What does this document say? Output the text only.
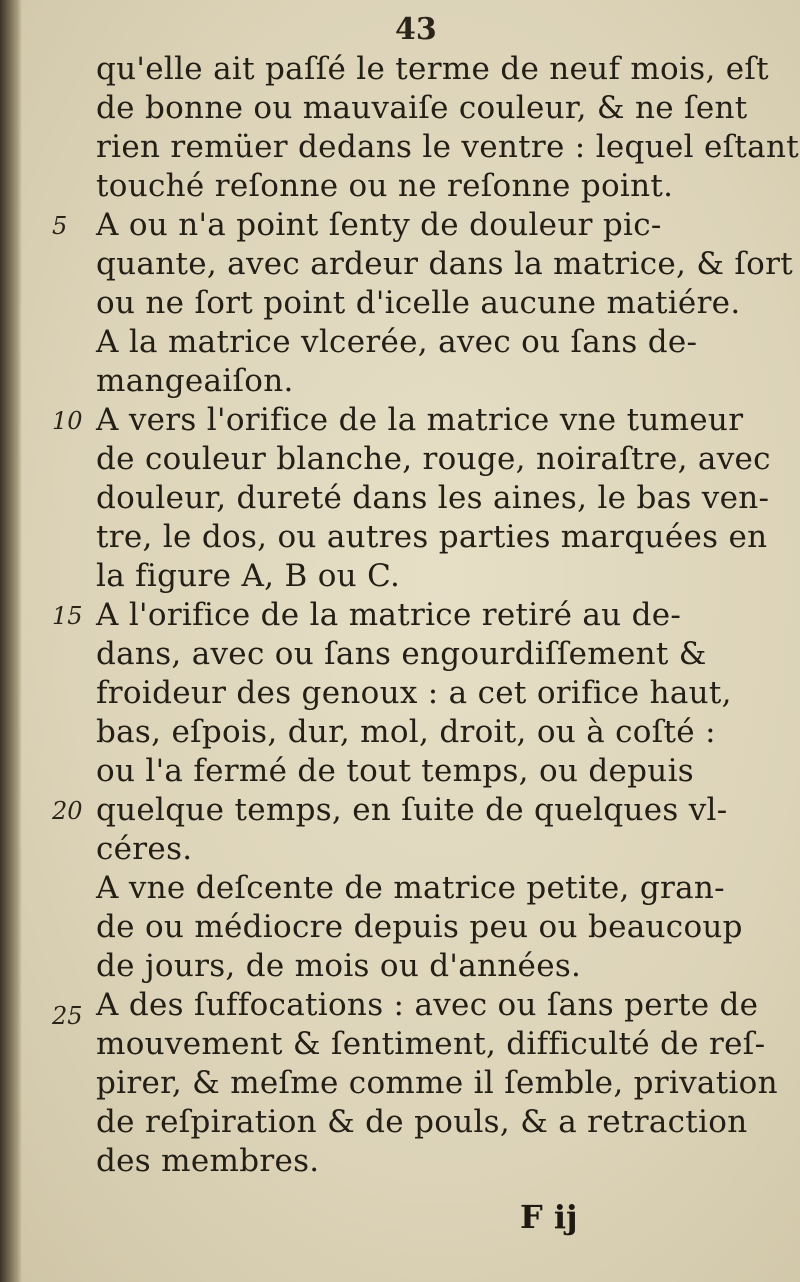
43
5
10
15
20
25
qu'elle ait paſſé le terme de neuf mois, eſt
de bonne ou mauvaiſe couleur, & ne ſent
rien remüer dedans le ventre : lequel eſtant
touché reſonne ou ne reſonne point.
A ou n'a point ſenty de douleur pic-
quante, avec ardeur dans la matrice, & ſort
ou ne ſort point d'icelle aucune matiére.
A la matrice vlcerée, avec ou ſans de-
mangeaiſon.
A vers l'orifice de la matrice vne tumeur
de couleur blanche, rouge, noiraſtre, avec
douleur, dureté dans les aines, le bas ven-
tre, le dos, ou autres parties marquées en
la figure A, B ou C.
A l'orifice de la matrice retiré au de-
dans, avec ou ſans engourdiſſement &
froideur des genoux : a cet orifice haut,
bas, eſpois, dur, mol, droit, ou à coſté :
ou l'a fermé de tout temps, ou depuis
quelque temps, en ſuite de quelques vl-
céres.
A vne deſcente de matrice petite, gran-
de ou médiocre depuis peu ou beaucoup
de jours, de mois ou d'années.
A des ſuffocations : avec ou ſans perte de
mouvement & ſentiment, difficulté de reſ-
pirer, & meſme comme il ſemble, privation
de reſpiration & de pouls, & a retraction
des membres.
F ij
